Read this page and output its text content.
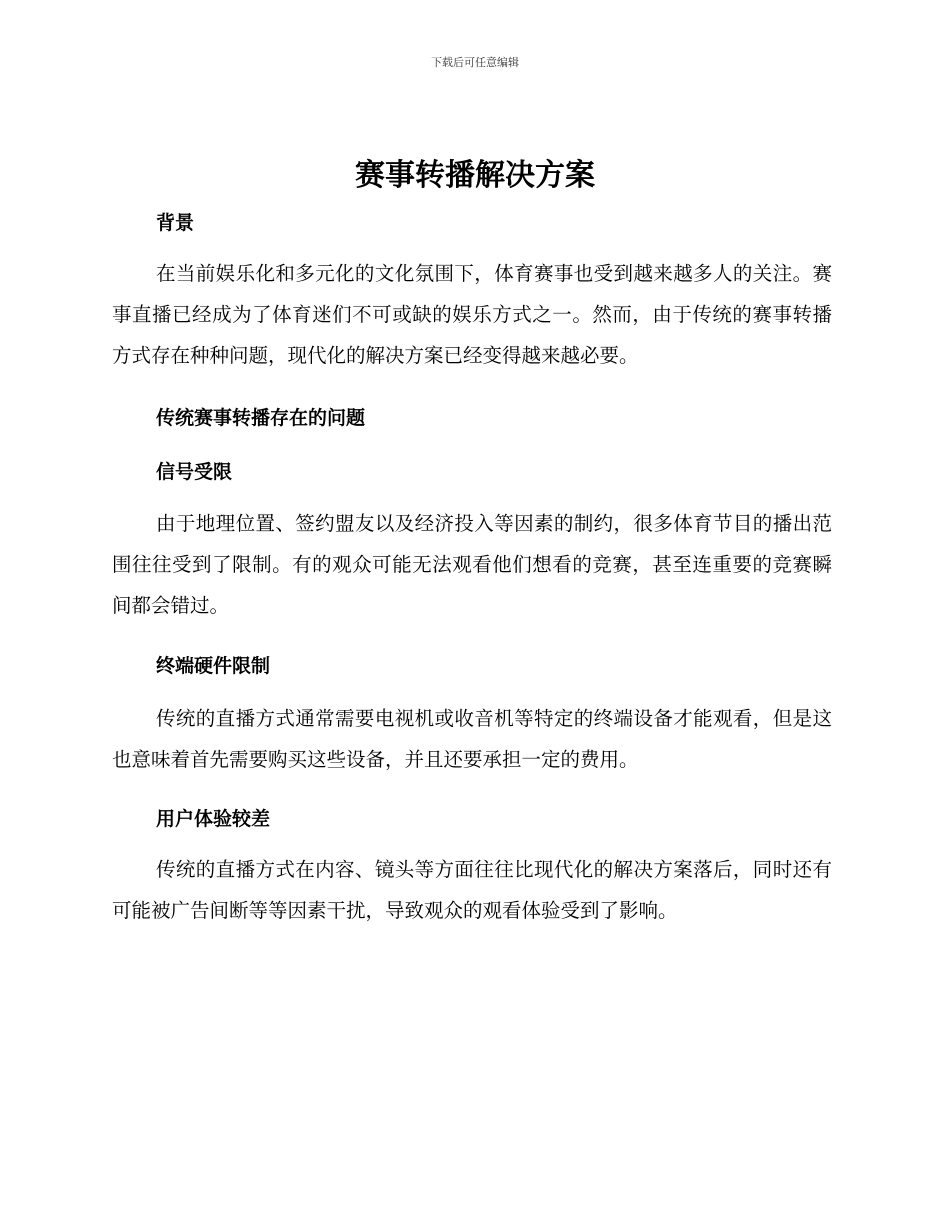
下载后可任意编辑
赛事转播解决方案
背景

在当前娱乐化和多元化的文化氛围下，体育赛事也受到越来越多人的关注。赛事直播已经成为了体育迷们不可或缺的娱乐方式之一。然而，由于传统的赛事转播方式存在种种问题，现代化的解决方案已经变得越来越必要。

传统赛事转播存在的问题
信号受限

由于地理位置、签约盟友以及经济投入等因素的制约，很多体育节目的播出范围往往受到了限制。有的观众可能无法观看他们想看的竞赛，甚至连重要的竞赛瞬间都会错过。

终端硬件限制

传统的直播方式通常需要电视机或收音机等特定的终端设备才能观看，但是这也意味着首先需要购买这些设备，并且还要承担一定的费用。

用户体验较差

传统的直播方式在内容、镜头等方面往往比现代化的解决方案落后，同时还有可能被广告间断等等因素干扰，导致观众的观看体验受到了影响。
